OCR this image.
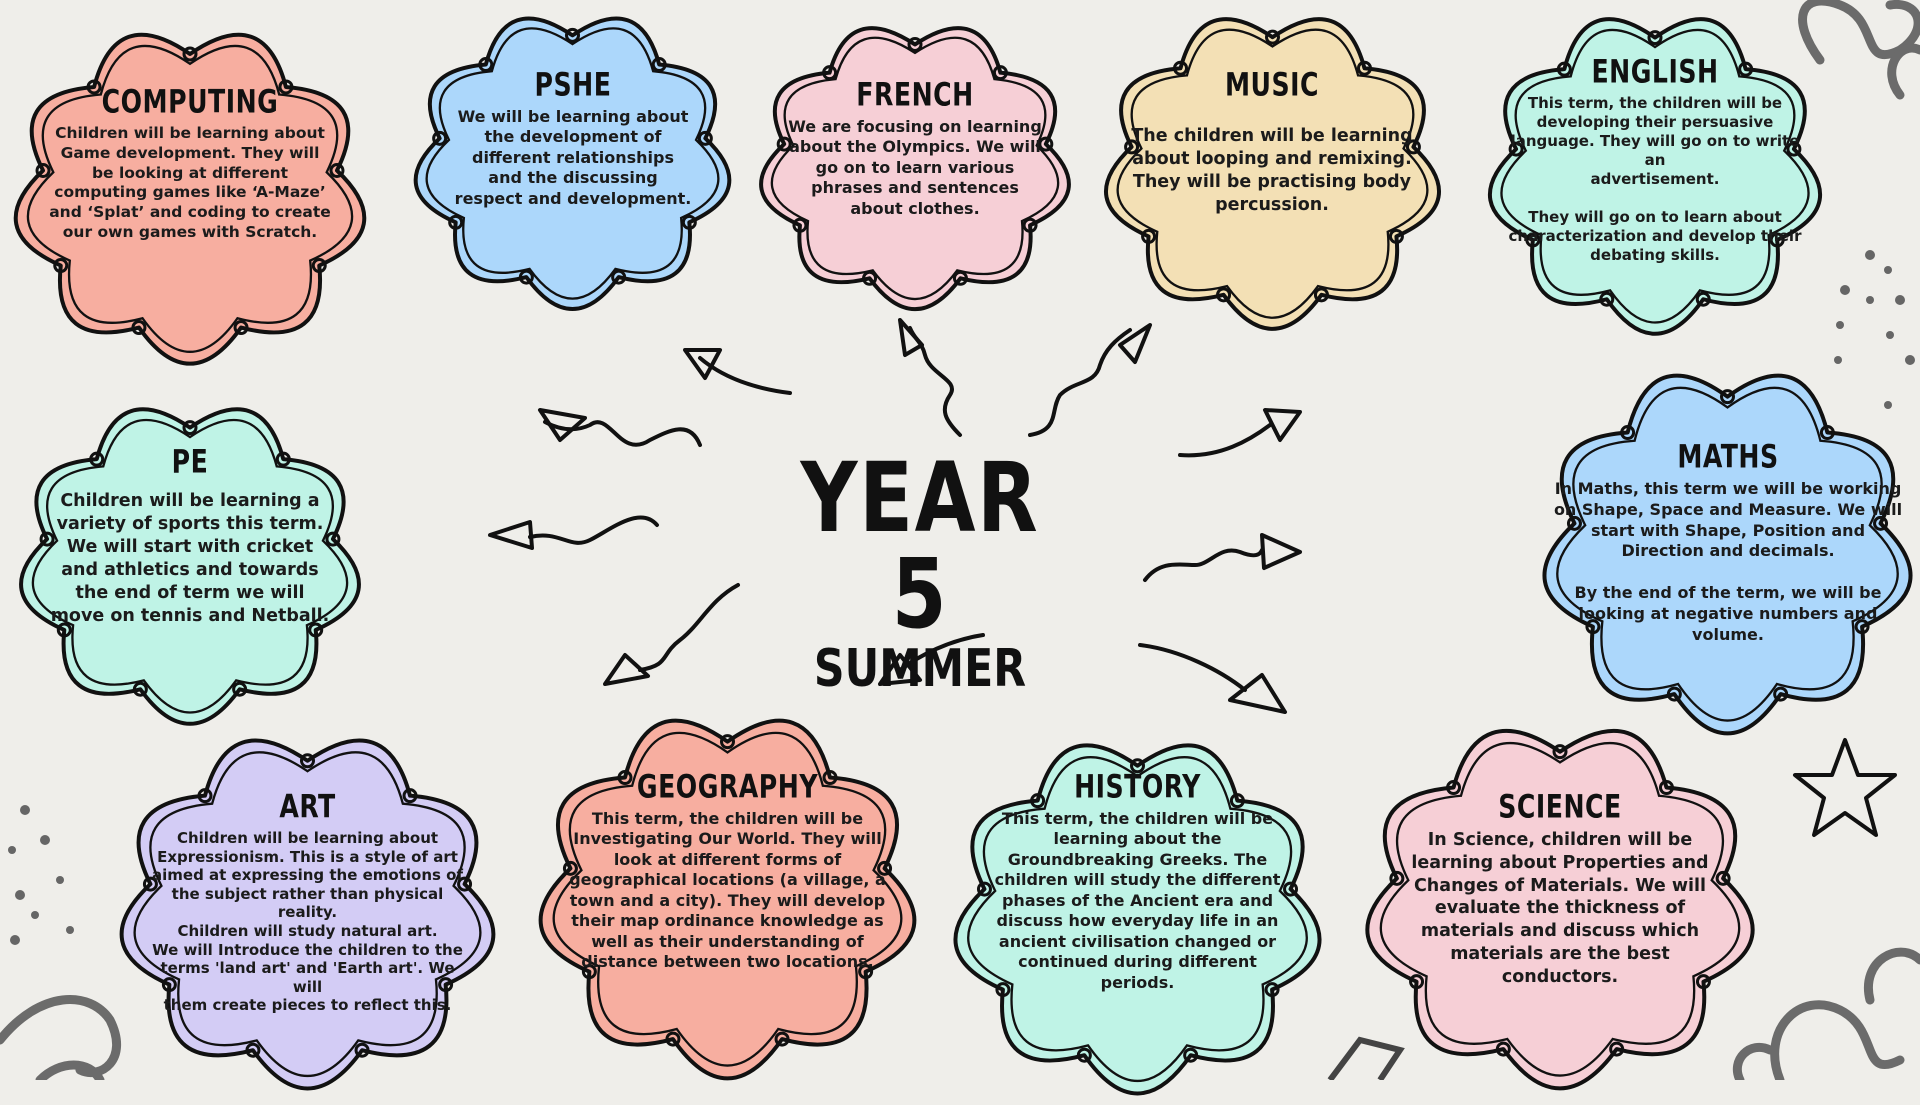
YEAR 5
SUMMER
COMPUTING
Children will be learning about
Game development. They will
be looking at different
computing games like ‘A-Maze’
and ‘Splat’ and coding to create
our own games with Scratch.
PSHE
We will be learning about
the development of
different relationships
and the discussing
respect and development.
FRENCH
We are focusing on learning
about the Olympics. We will
go on to learn various
phrases and sentences
about clothes.
MUSIC
The children will be learning
about looping and remixing.
They will be practising body
percussion.
ENGLISH
This term, the children will be
developing their persuasive
language. They will go on to write an
advertisement.

They will go on to learn about
characterization and develop their
debating skills.
PE
Children will be learning a
variety of sports this term.
We will start with cricket
and athletics and towards
the end of term we will
move on tennis and Netball.
MATHS
In Maths, this term we will be working
on Shape, Space and Measure. We will
start with Shape, Position and
Direction and decimals.

By the end of the term, we will be
looking at negative numbers and
volume.
ART
Children will be learning about
Expressionism. This is a style of art
aimed at expressing the emotions of
the subject rather than physical
reality.
Children will study natural art.
We will Introduce the children to the
terms 'land art' and 'Earth art'. We will
them create pieces to reflect this.
GEOGRAPHY
This term, the children will be
Investigating Our World. They will
look at different forms of
geographical locations (a village, a
town and a city). They will develop
their map ordinance knowledge as
well as their understanding of
distance between two locations.
HISTORY
This term, the children will be
learning about the
Groundbreaking Greeks. The
children will study the different
phases of the Ancient era and
discuss how everyday life in an
ancient civilisation changed or
continued during different
periods.
SCIENCE
In Science, children will be
learning about Properties and
Changes of Materials. We will
evaluate the thickness of
materials and discuss which
materials are the best
conductors.
